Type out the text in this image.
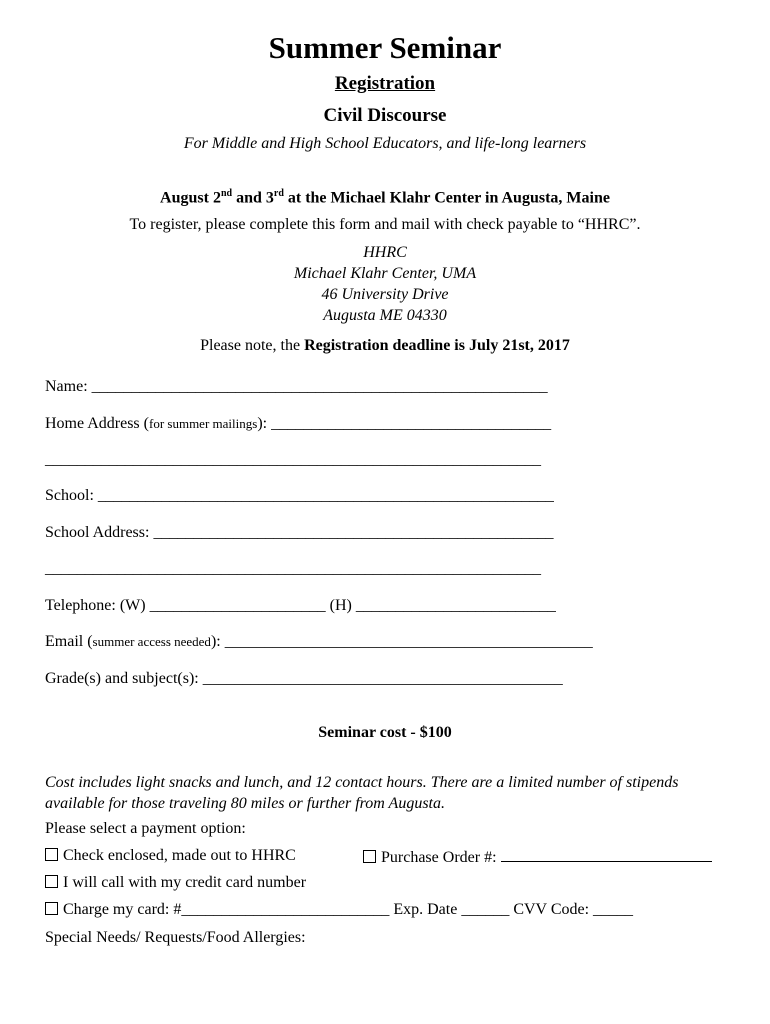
Summer Seminar
Registration
Civil Discourse
For Middle and High School Educators, and life-long learners
August 2nd and 3rd at the Michael Klahr Center in Augusta, Maine
To register, please complete this form and mail with check payable to “HHRC”.
HHRC
Michael Klahr Center, UMA
46 University Drive
Augusta ME 04330
Please note, the Registration deadline is July 21st, 2017
Name: _________________________________________________________
Home Address (for summer mailings): ___________________________________
______________________________________________________________
School: _________________________________________________________
School Address: __________________________________________________
______________________________________________________________
Telephone: (W) ______________________ (H) _________________________
Email (summer access needed): ______________________________________________
Grade(s) and subject(s): _____________________________________________
Seminar cost - $100
Cost includes light snacks and lunch, and 12 contact hours. There are a limited number of stipends available for those traveling 80 miles or further from Augusta.
Please select a payment option:
Check enclosed, made out to HHRC	Purchase Order #:
I will call with my credit card number
Charge my card: #__________________________ Exp. Date ______ CVV Code: _____
Special Needs/ Requests/Food Allergies:
